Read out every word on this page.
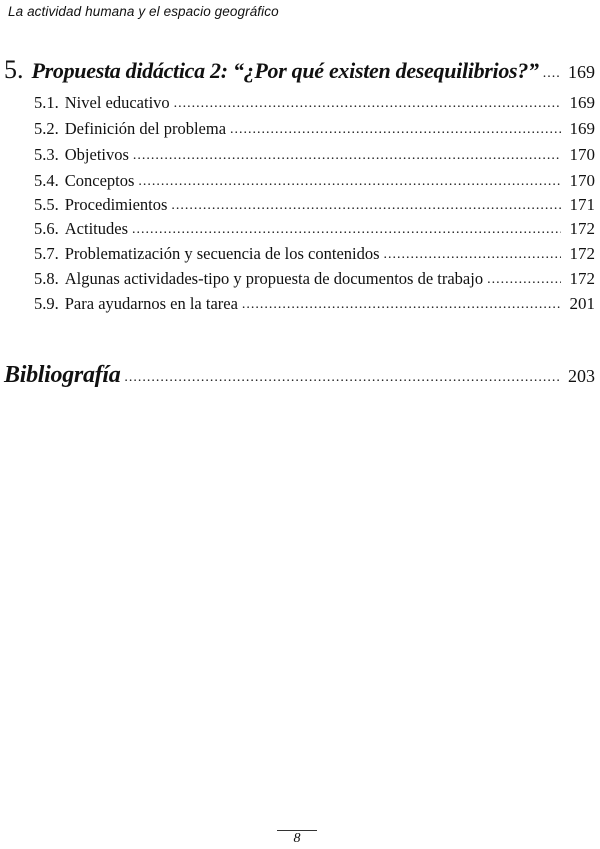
La actividad humana y el espacio geográfico
5. Propuesta didáctica 2: “¿Por qué existen desequilibrios?” ..... 169
5.1. Nivel educativo .....	169
5.2. Definición del problema .....	169
5.3. Objetivos .....	170
5.4. Conceptos .....	170
5.5. Procedimientos .....	171
5.6. Actitudes .....	172
5.7. Problematización y secuencia de los contenidos .....	172
5.8. Algunas actividades-tipo y propuesta de documentos de trabajo .....	172
5.9. Para ayudarnos en la tarea .....	201
Bibliografía .....	203
8
